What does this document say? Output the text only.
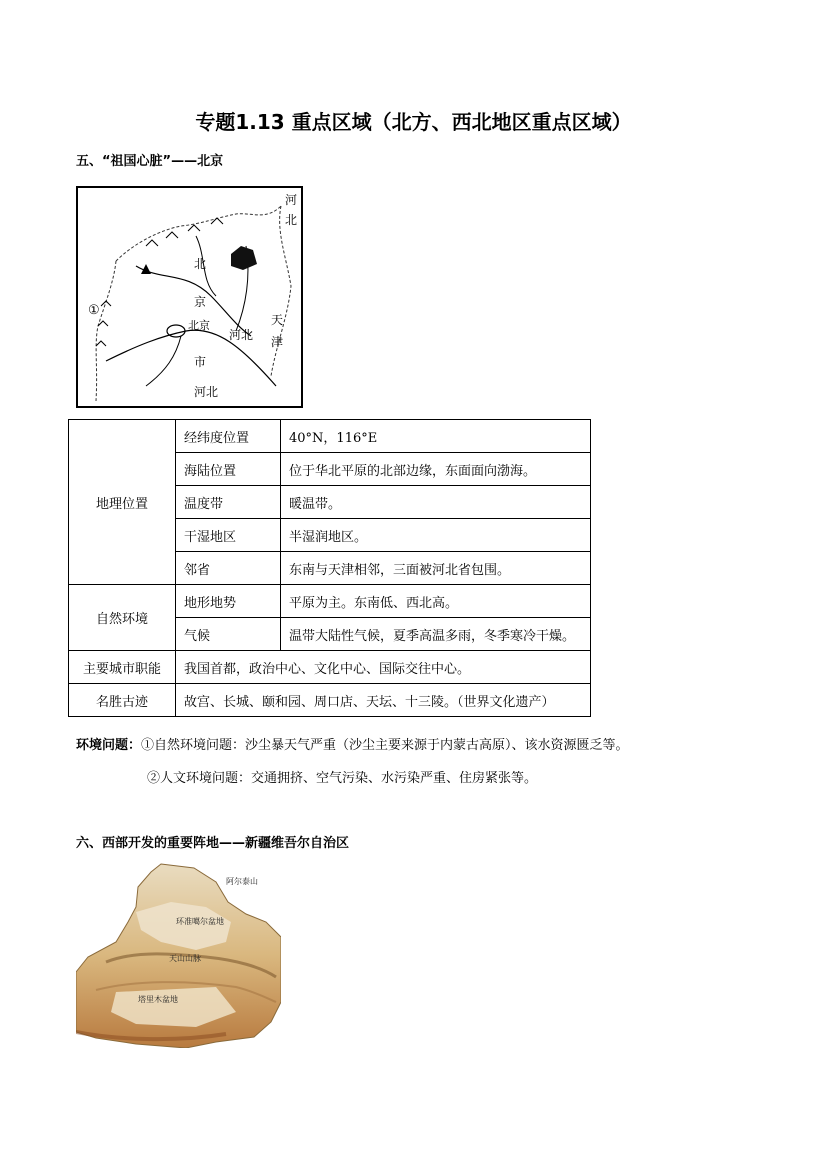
专题1.13 重点区域（北方、西北地区重点区域）
五、“祖国心脏”——北京
河
北
北
京
北京
市
河北
河北
天
津
①
地理位置	经纬度位置	40°N，116°E
	海陆位置	位于华北平原的北部边缘，东面面向渤海。
	温度带	暖温带。
	干湿地区	半湿润地区。
	邻省	东南与天津相邻，三面被河北省包围。
自然环境	地形地势	平原为主。东南低、西北高。
	气候	温带大陆性气候，夏季高温多雨，冬季寒冷干燥。
主要城市职能	我国首都，政治中心、文化中心、国际交往中心。	
名胜古迹	故宫、长城、颐和园、周口店、天坛、十三陵。（世界文化遗产）	
环境问题：①自然环境问题：沙尘暴天气严重（沙尘主要来源于内蒙古高原）、该水资源匮乏等。
②人文环境问题：交通拥挤、空气污染、水污染严重、住房紧张等。
六、西部开发的重要阵地——新疆维吾尔自治区
阿尔泰山
环准噶尔盆地
天山山脉
塔里木盆地
